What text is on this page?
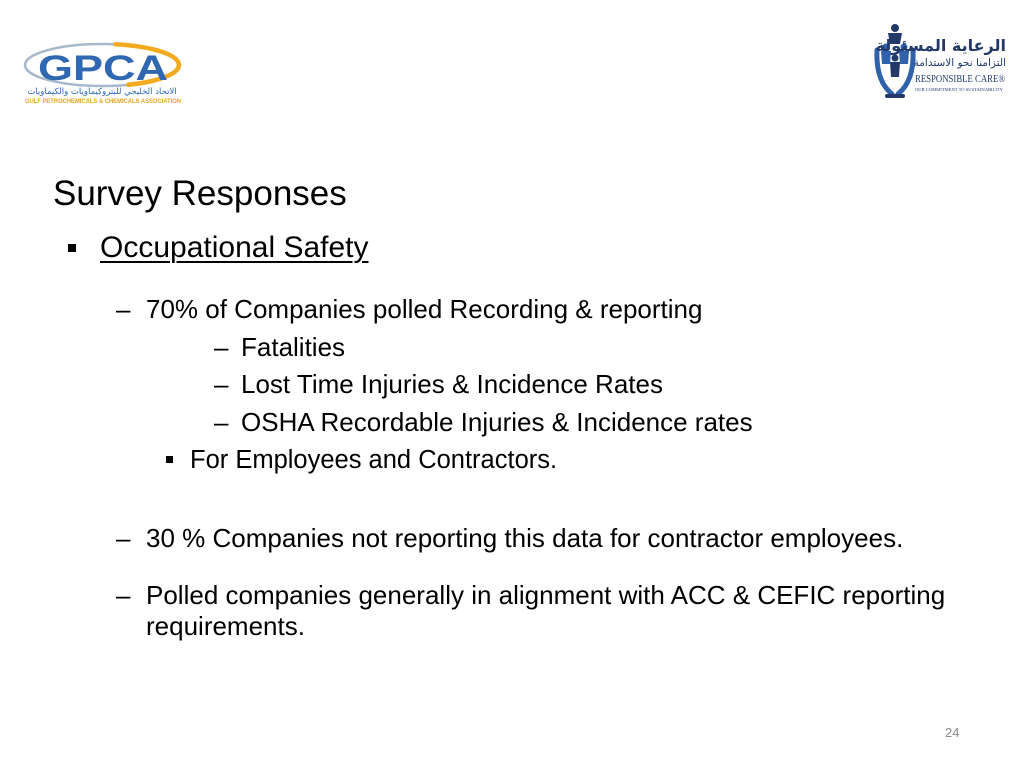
GPCA
الاتحاد الخليجي للبتروكيماويات والكيماويات
GULF PETROCHEMICALS & CHEMICALS ASSOCIATION
الرعاية المسئولة
التزامنا نحو الاستدامة
RESPONSIBLE CARE®
OUR COMMITMENT TO SUSTAINABILITY
Survey Responses
Occupational Safety
– 70% of Companies polled Recording & reporting
– Fatalities
– Lost Time Injuries & Incidence Rates
– OSHA Recordable Injuries & Incidence rates
For Employees and Contractors.
– 30 % Companies not reporting this data for contractor employees.
– Polled companies generally in alignment with ACC & CEFIC reporting requirements.
24
